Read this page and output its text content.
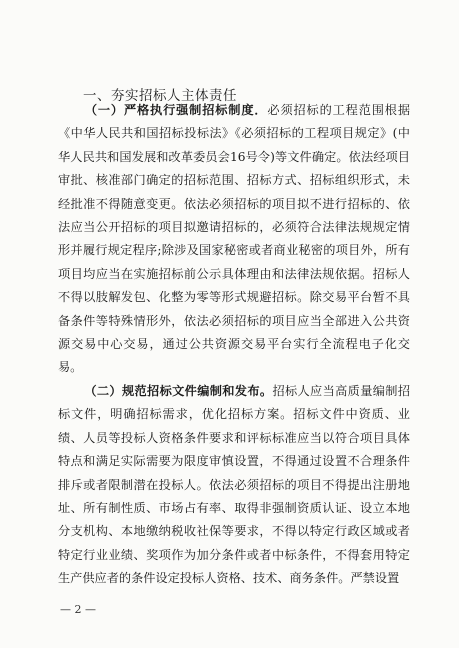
一、夯实招标人主体责任

（一）严格执行强制招标制度．必须招标的工程范围根据《中华人民共和国招标投标法》《必须招标的工程项目规定》(中华人民共和国发展和改革委员会16号令)等文件确定。依法经项目审批、核准部门确定的招标范围、招标方式、招标组织形式，未经批准不得随意变更。依法必须招标的项目拟不进行招标的、依法应当公开招标的项目拟邀请招标的，必须符合法律法规规定情形并履行规定程序;除涉及国家秘密或者商业秘密的项目外，所有项目均应当在实施招标前公示具体理由和法律法规依据。招标人不得以肢解发包、化整为零等形式规避招标。除交易平台暂不具备条件等特殊情形外，依法必须招标的项目应当全部进入公共资源交易中心交易，通过公共资源交易平台实行全流程电子化交易。

（二）规范招标文件编制和发布。招标人应当高质量编制招标文件，明确招标需求，优化招标方案。招标文件中资质、业绩、人员等投标人资格条件要求和评标标准应当以符合项目具体特点和满足实际需要为限度审慎设置，不得通过设置不合理条件排斥或者限制潜在投标人。依法必须招标的项目不得提出注册地址、所有制性质、市场占有率、取得非强制资质认证、设立本地分支机构、本地缴纳税收社保等要求，不得以特定行政区域或者特定行业业绩、奖项作为加分条件或者中标条件，不得套用特定生产供应者的条件设定投标人资格、技术、商务条件。严禁设置

— 2 —
